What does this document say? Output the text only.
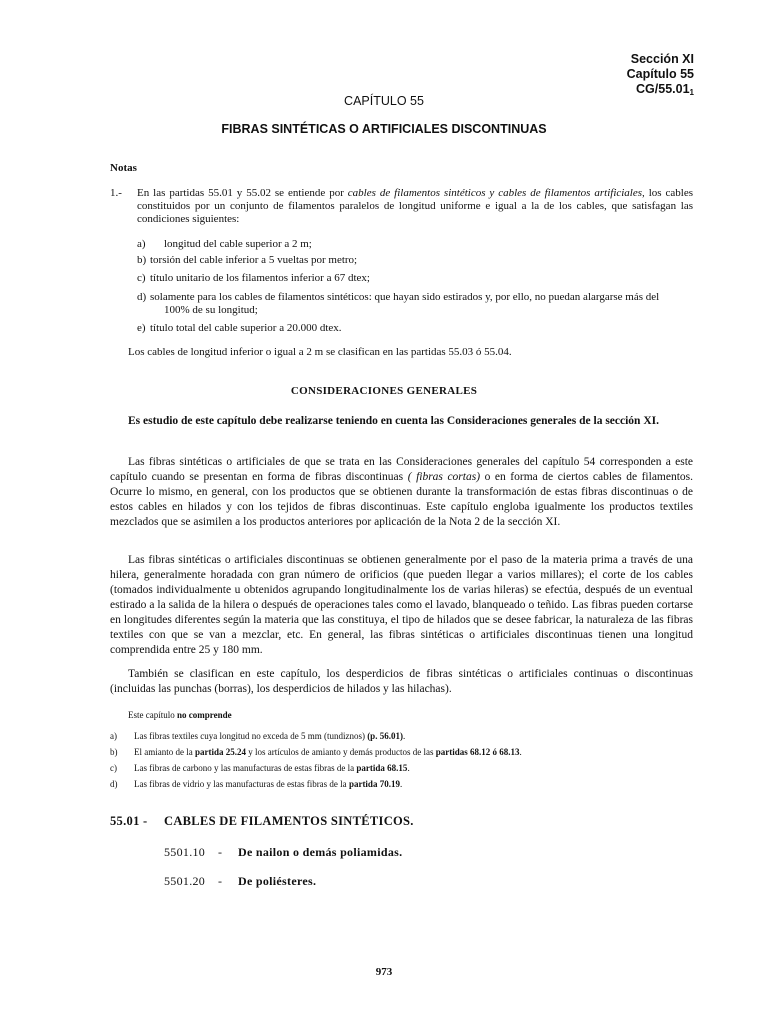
Sección XI
Capítulo 55
$CG/55.01_1$
CAPÍTULO 55
FIBRAS SINTÉTICAS O ARTIFICIALES DISCONTINUAS
Notas
1.- En las partidas 55.01 y 55.02 se entiende por cables de filamentos sintéticos y cables de filamentos artificiales, los cables constituidos por un conjunto de filamentos paralelos de longitud uniforme e igual a la de los cables, que satisfagan las condiciones siguientes:
a) longitud del cable superior a 2 m;
b) torsión del cable inferior a 5 vueltas por metro;
c) título unitario de los filamentos inferior a 67 dtex;
d) solamente para los cables de filamentos sintéticos: que hayan sido estirados y, por ello, no puedan alargarse más del
100% de su longitud;
e) título total del cable superior a 20.000 dtex.
Los cables de longitud inferior o igual a 2 m se clasifican en las partidas 55.03 ó 55.04.
CONSIDERACIONES GENERALES
Es estudio de este capítulo debe realizarse teniendo en cuenta las Consideraciones generales de la sección XI.
Las fibras sintéticas o artificiales de que se trata en las Consideraciones generales del capítulo 54 corresponden a este capítulo cuando se presentan en forma de fibras discontinuas ( fibras cortas) o en forma de ciertos cables de filamentos. Ocurre lo mismo, en general, con los productos que se obtienen durante la transformación de estas fibras discontinuas o de estos cables en hilados y con los tejidos de fibras discontinuas. Este capítulo engloba igualmente los productos textiles mezclados que se asimilen a los productos anteriores por aplicación de la Nota 2 de la sección XI.
Las fibras sintéticas o artificiales discontinuas se obtienen generalmente por el paso de la materia prima a través de una hilera, generalmente horadada con gran número de orificios (que pueden llegar a varios millares); el corte de los cables (tomados individualmente u obtenidos agrupando longitudinalmente los de varias hileras) se efectúa, después de un eventual estirado a la salida de la hilera o después de operaciones tales como el lavado, blanqueado o teñido. Las fibras pueden cortarse en longitudes diferentes según la materia que las constituya, el tipo de hilados que se desee fabricar, la naturaleza de las fibras textiles con que se van a mezclar, etc. En general, las fibras sintéticas o artificiales discontinuas tienen una longitud comprendida entre 25 y 180 mm.
También se clasifican en este capítulo, los desperdicios de fibras sintéticas o artificiales continuas o discontinuas (incluidas las punchas (borras), los desperdicios de hilados y las hilachas).
Este capítulo no comprende
a) Las fibras textiles cuya longitud no exceda de 5 mm (tundiznos) (p. 56.01).
b) El amianto de la partida 25.24 y los artículos de amianto y demás productos de las partidas 68.12 ó 68.13.
c) Las fibras de carbono y las manufacturas de estas fibras de la partida 68.15.
d) Las fibras de vidrio y las manufacturas de estas fibras de la partida 70.19.
55.01 - CABLES DE FILAMENTOS SINTÉTICOS.
5501.10 - De nailon o demás poliamidas.
5501.20 - De poliésteres.
973
